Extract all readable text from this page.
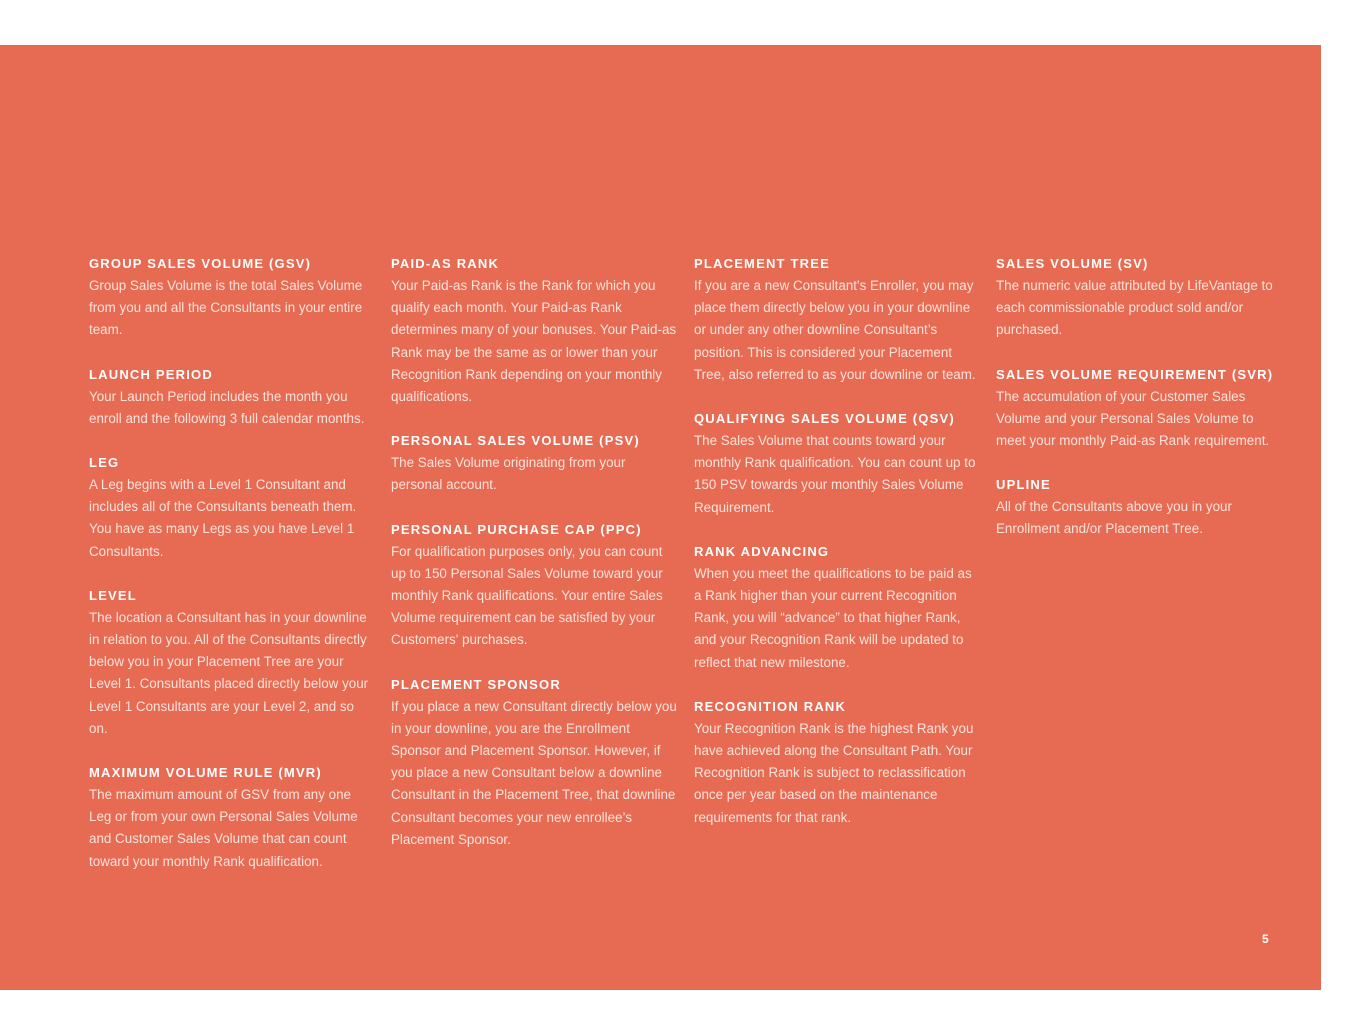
GROUP SALES VOLUME (GSV)

Group Sales Volume is the total Sales Volume from you and all the Consultants in your entire team.

LAUNCH PERIOD

Your Launch Period includes the month you enroll and the following 3 full calendar months.

LEG

A Leg begins with a Level 1 Consultant and includes all of the Consultants beneath them. You have as many Legs as you have Level 1 Consultants.

LEVEL

The location a Consultant has in your downline in relation to you. All of the Consultants directly below you in your Placement Tree are your Level 1. Consultants placed directly below your Level 1 Consultants are your Level 2, and so on.

MAXIMUM VOLUME RULE (MVR)

The maximum amount of GSV from any one Leg or from your own Personal Sales Volume and Customer Sales Volume that can count toward your monthly Rank qualification.

PAID-AS RANK

Your Paid-as Rank is the Rank for which you qualify each month. Your Paid-as Rank determines many of your bonuses. Your Paid-as Rank may be the same as or lower than your Recognition Rank depending on your monthly qualifications.

PERSONAL SALES VOLUME (PSV)

The Sales Volume originating from your personal account.

PERSONAL PURCHASE CAP (PPC)

For qualification purposes only, you can count up to 150 Personal Sales Volume toward your monthly Rank qualifications. Your entire Sales Volume requirement can be satisfied by your Customers' purchases.

PLACEMENT SPONSOR

If you place a new Consultant directly below you in your downline, you are the Enrollment Sponsor and Placement Sponsor. However, if you place a new Consultant below a downline Consultant in the Placement Tree, that downline Consultant becomes your new enrollee’s Placement Sponsor.

PLACEMENT TREE

If you are a new Consultant's Enroller, you may place them directly below you in your downline or under any other downline Consultant’s position. This is considered your Placement Tree, also referred to as your downline or team.

QUALIFYING SALES VOLUME (QSV)

The Sales Volume that counts toward your monthly Rank qualification. You can count up to 150 PSV towards your monthly Sales Volume Requirement.

RANK ADVANCING

When you meet the qualifications to be paid as a Rank higher than your current Recognition Rank, you will “advance” to that higher Rank, and your Recognition Rank will be updated to reflect that new milestone.

RECOGNITION RANK

Your Recognition Rank is the highest Rank you have achieved along the Consultant Path. Your Recognition Rank is subject to reclassification once per year based on the maintenance requirements for that rank.

SALES VOLUME (SV)

The numeric value attributed by LifeVantage to each commissionable product sold and/or purchased.

SALES VOLUME REQUIREMENT (SVR)

The accumulation of your Customer Sales Volume and your Personal Sales Volume to meet your monthly Paid-as Rank requirement.

UPLINE

All of the Consultants above you in your Enrollment and/or Placement Tree.

5
